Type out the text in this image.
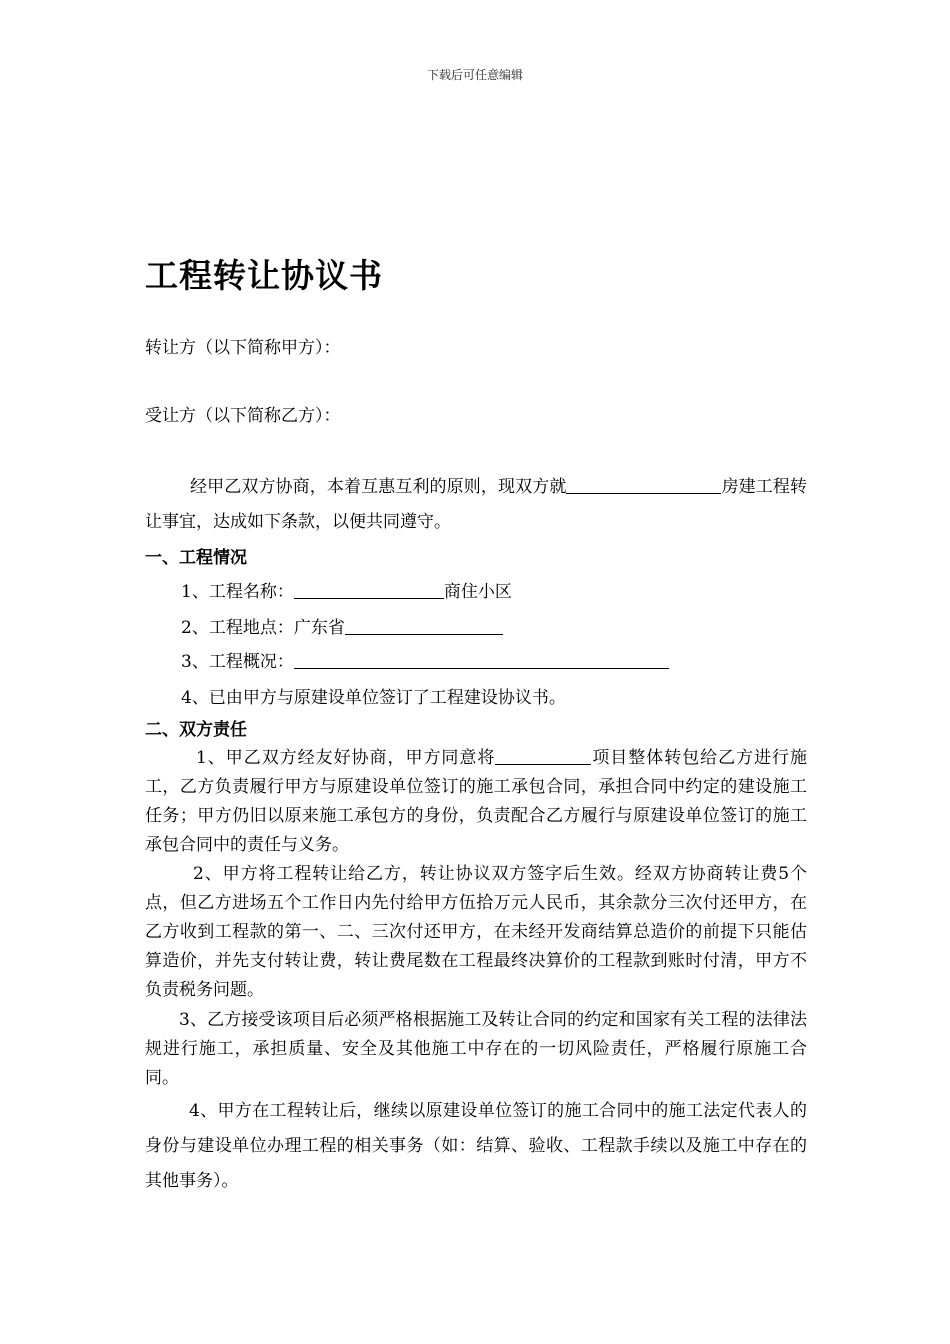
下载后可任意编辑
工程转让协议书
转让方（以下简称甲方）：
受让方（以下简称乙方）：
经甲乙双方协商，本着互惠互利的原则，现双方就	房建工程转让事宜，达成如下条款，以便共同遵守。
一、工程情况
1、工程名称：	商住小区
2、工程地点：广东省
3、工程概况：
4、已由甲方与原建设单位签订了工程建设协议书。
二、双方责任
1、甲乙双方经友好协商，甲方同意将	项目整体转包给乙方进行施工，乙方负责履行甲方与原建设单位签订的施工承包合同，承担合同中约定的建设施工任务；甲方仍旧以原来施工承包方的身份，负责配合乙方履行与原建设单位签订的施工承包合同中的责任与义务。
2、甲方将工程转让给乙方，转让协议双方签字后生效。经双方协商转让费5个点，但乙方进场五个工作日内先付给甲方伍拾万元人民币，其余款分三次付还甲方，在乙方收到工程款的第一、二、三次付还甲方，在未经开发商结算总造价的前提下只能估算造价，并先支付转让费，转让费尾数在工程最终决算价的工程款到账时付清，甲方不负责税务问题。
3、乙方接受该项目后必须严格根据施工及转让合同的约定和国家有关工程的法律法规进行施工，承担质量、安全及其他施工中存在的一切风险责任，严格履行原施工合同。
4、甲方在工程转让后，继续以原建设单位签订的施工合同中的施工法定代表人的身份与建设单位办理工程的相关事务（如：结算、验收、工程款手续以及施工中存在的其他事务）。
